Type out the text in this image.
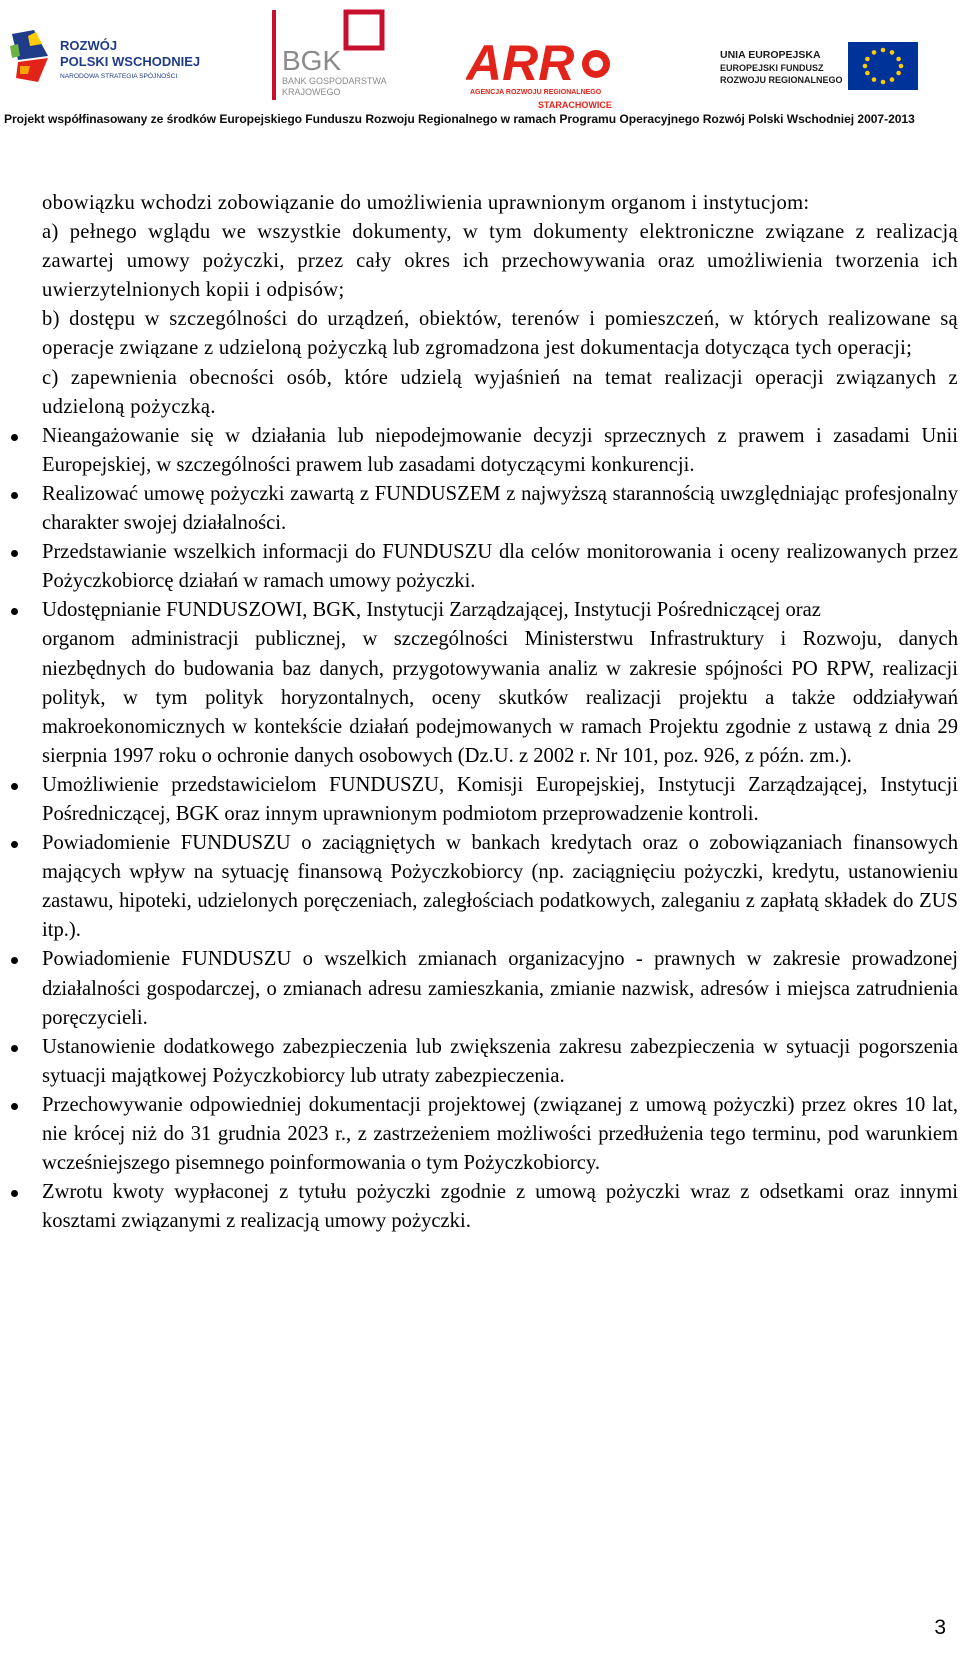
ROZWÓJ
POLSKI WSCHODNIEJ
NARODOWA STRATEGIA SPÓJNOŚCI
BGK
BANK GOSPODARSTWA
KRAJOWEGO
ARR
AGENCJA ROZWOJU REGIONALNEGO
STARACHOWICE
UNIA EUROPEJSKA
EUROPEJSKI FUNDUSZ
ROZWOJU REGIONALNEGO
Projekt współfinasowany ze środków Europejskiego Funduszu Rozwoju Regionalnego w ramach Programu Operacyjnego Rozwój Polski Wschodniej 2007-2013

obowiązku wchodzi zobowiązanie do umożliwienia uprawnionym organom i instytucjom:

a) pełnego wglądu we wszystkie dokumenty, w tym dokumenty elektroniczne związane z realizacją zawartej umowy pożyczki, przez cały okres ich przechowywania oraz umożliwienia tworzenia ich uwierzytelnionych kopii i odpisów;

b) dostępu w szczególności do urządzeń, obiektów, terenów i pomieszczeń, w których realizowane są operacje związane z udzieloną pożyczką lub zgromadzona jest dokumentacja dotycząca tych operacji;

c) zapewnienia obecności osób, które udzielą wyjaśnień na temat realizacji operacji związanych z udzieloną pożyczką.

Nieangażowanie się w działania lub niepodejmowanie decyzji sprzecznych z prawem i zasadami Unii Europejskiej, w szczególności prawem lub zasadami dotyczącymi konkurencji.
Realizować umowę pożyczki zawartą z FUNDUSZEM z najwyższą starannością uwzględniając profesjonalny charakter swojej działalności.
Przedstawianie wszelkich informacji do FUNDUSZU dla celów monitorowania i oceny realizowanych przez Pożyczkobiorcę działań w ramach umowy pożyczki.
Udostępnianie FUNDUSZOWI, BGK, Instytucji Zarządzającej, Instytucji Pośredniczącej oraz
organom administracji publicznej, w szczególności Ministerstwu Infrastruktury i Rozwoju, danych niezbędnych do budowania baz danych, przygotowywania analiz w zakresie spójności PO RPW, realizacji polityk, w tym polityk horyzontalnych, oceny skutków realizacji projektu a także oddziaływań makroekonomicznych w kontekście działań podejmowanych w ramach Projektu zgodnie z ustawą z dnia 29 sierpnia 1997 roku o ochronie danych osobowych (Dz.U. z 2002 r. Nr 101, poz. 926, z późn. zm.).
Umożliwienie przedstawicielom FUNDUSZU, Komisji Europejskiej, Instytucji Zarządzającej, Instytucji Pośredniczącej, BGK oraz innym uprawnionym podmiotom przeprowadzenie kontroli.
Powiadomienie FUNDUSZU o zaciągniętych w bankach kredytach oraz o zobowiązaniach finansowych mających wpływ na sytuację finansową Pożyczkobiorcy (np. zaciągnięciu pożyczki, kredytu, ustanowieniu zastawu, hipoteki, udzielonych poręczeniach, zaległościach podatkowych, zaleganiu z zapłatą składek do ZUS itp.).
Powiadomienie FUNDUSZU o wszelkich zmianach organizacyjno - prawnych w zakresie prowadzonej działalności gospodarczej, o zmianach adresu zamieszkania, zmianie nazwisk, adresów i miejsca zatrudnienia poręczycieli.
Ustanowienie dodatkowego zabezpieczenia lub zwiększenia zakresu zabezpieczenia w sytuacji pogorszenia sytuacji majątkowej Pożyczkobiorcy lub utraty zabezpieczenia.
Przechowywanie odpowiedniej dokumentacji projektowej (związanej z umową pożyczki) przez okres 10 lat, nie krócej niż do 31 grudnia 2023 r., z zastrzeżeniem możliwości przedłużenia tego terminu, pod warunkiem wcześniejszego pisemnego poinformowania o tym Pożyczkobiorcy.
Zwrotu kwoty wypłaconej z tytułu pożyczki zgodnie z umową pożyczki wraz z odsetkami oraz innymi kosztami związanymi z realizacją umowy pożyczki.
3
